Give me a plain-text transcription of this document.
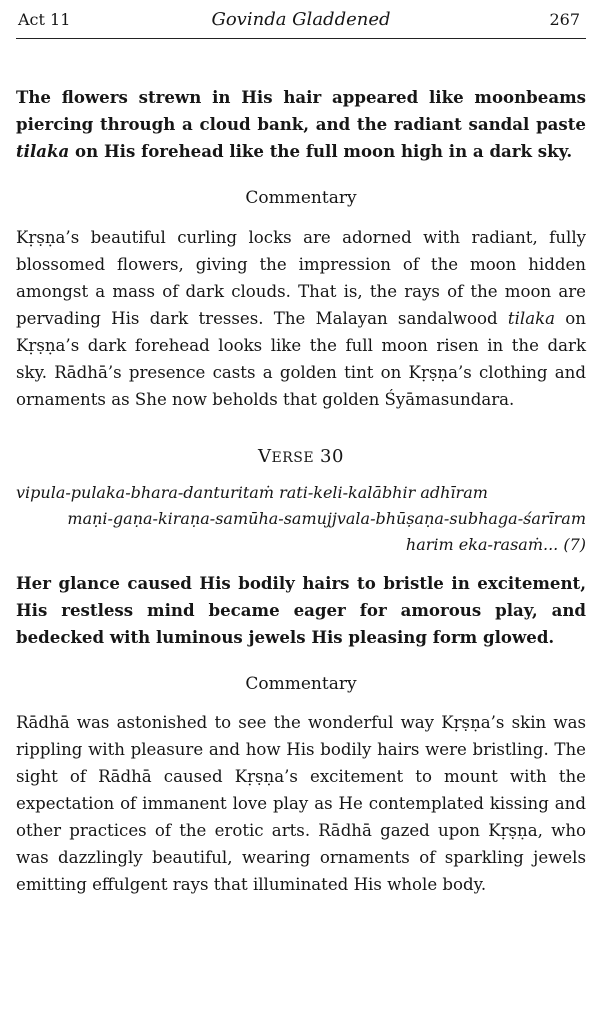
Act 11	Govinda Gladdened	267

The flowers strewn in His hair appeared like moonbeams piercing through a cloud bank, and the radiant sandal paste tilaka on His forehead like the full moon high in a dark sky.

Commentary

Kṛṣṇa’s beautiful curling locks are adorned with radiant, fully blossomed flowers, giving the impression of the moon hidden amongst a mass of dark clouds. That is, the rays of the moon are pervading His dark tresses. The Malayan sandalwood tilaka on Kṛṣṇa’s dark forehead looks like the full moon risen in the dark sky. Rādhā’s presence casts a golden tint on Kṛṣṇa’s clothing and ornaments as She now beholds that golden Śyāmasundara.

VERSE 30
vipula-pulaka-bhara-danturitaṁ rati-keli-kalābhir adhīram
maṇi-gaṇa-kiraṇa-samūha-samujjvala-bhūṣaṇa-subhaga-śarīram
harim eka-rasaṁ... (7)

Her glance caused His bodily hairs to bristle in excitement, His restless mind became eager for amorous play, and bedecked with luminous jewels His pleasing form glowed.

Commentary

Rādhā was astonished to see the wonderful way Kṛṣṇa’s skin was rippling with pleasure and how His bodily hairs were bristling. The sight of Rādhā caused Kṛṣṇa’s excitement to mount with the expectation of immanent love play as He contemplated kissing and other practices of the erotic arts. Rādhā gazed upon Kṛṣṇa, who was dazzlingly beautiful, wearing ornaments of sparkling jewels emitting effulgent rays that illuminated His whole body.
